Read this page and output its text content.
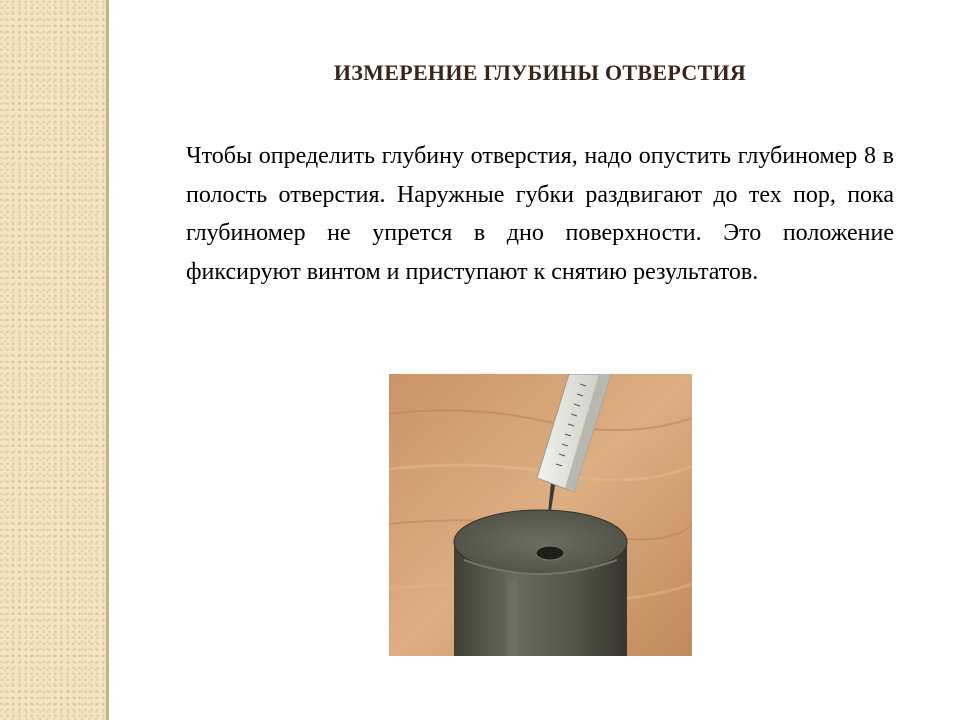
ИЗМЕРЕНИЕ ГЛУБИНЫ ОТВЕРСТИЯ

Чтобы определить глубину отверстия, надо опустить глубиномер 8 в полость отверстия. Наружные губки раздвигают до тех пор, пока глубиномер не упрется в дно поверхности. Это положение фиксируют винтом и приступают к снятию результатов.
